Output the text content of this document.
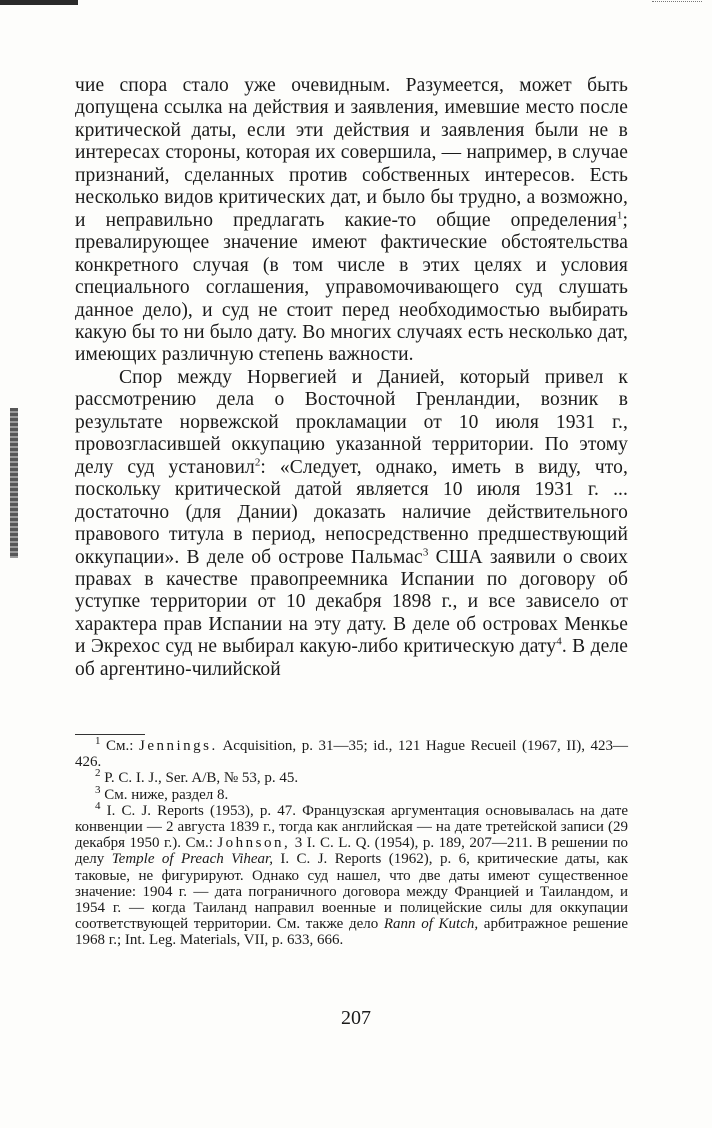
чие спора стало уже очевидным. Разумеется, может быть допущена ссылка на действия и заявления, имевшие место после критической даты, если эти действия и заявления были не в интересах стороны, которая их совершила, — например, в случае признаний, сделанных против собственных интересов. Есть несколько видов критических дат, и было бы трудно, а возможно, и неправильно предлагать какие-то общие определения$^1$; превалирующее значение имеют фактические обстоятельства конкретного случая (в том числе в этих целях и условия специального соглашения, управомочивающего суд слушать данное дело), и суд не стоит перед необходимостью выбирать какую бы то ни было дату. Во многих случаях есть несколько дат, имеющих различную степень важности.

Спор между Норвегией и Данией, который привел к рассмотрению дела о Восточной Гренландии, возник в результате норвежской прокламации от 10 июля 1931 г., провозгласившей оккупацию указанной территории. По этому делу суд установил$^2$: «Следует, однако, иметь в виду, что, поскольку критической датой является 10 июля 1931 г. ... достаточно (для Дании) доказать наличие действительного правового титула в период, непосредственно предшествующий оккупации». В деле об острове Пальмас$^3$ США заявили о своих правах в качестве правопреемника Испании по договору об уступке территории от 10 декабря 1898 г., и все зависело от характера прав Испании на эту дату. В деле об островах Менкье и Экрехос суд не выбирал какую-либо критическую дату$^4$. В деле об аргентино-чилийской

$^1$ См.: Jennings. Acquisition, p. 31—35; id., 121 Hague Recueil (1967, II), 423—426.

$^2$ P. C. I. J., Ser. A/B, № 53, p. 45.

$^3$ См. ниже, раздел 8.

$^4$ I. C. J. Reports (1953), p. 47. Французская аргументация основывалась на дате конвенции — 2 августа 1839 г., тогда как английская — на дате третейской записи (29 декабря 1950 г.). См.: Johnson, 3 I. C. L. Q. (1954), p. 189, 207—211. В решении по делу Temple of Preach Vihear, I. C. J. Reports (1962), p. 6, критические даты, как таковые, не фигурируют. Однако суд нашел, что две даты имеют существенное значение: 1904 г. — дата пограничного договора между Францией и Таиландом, и 1954 г. — когда Таиланд направил военные и полицейские силы для оккупации соответствующей территории. См. также дело Rann of Kutch, арбитражное решение 1968 г.; Int. Leg. Materials, VII, p. 633, 666.

207
